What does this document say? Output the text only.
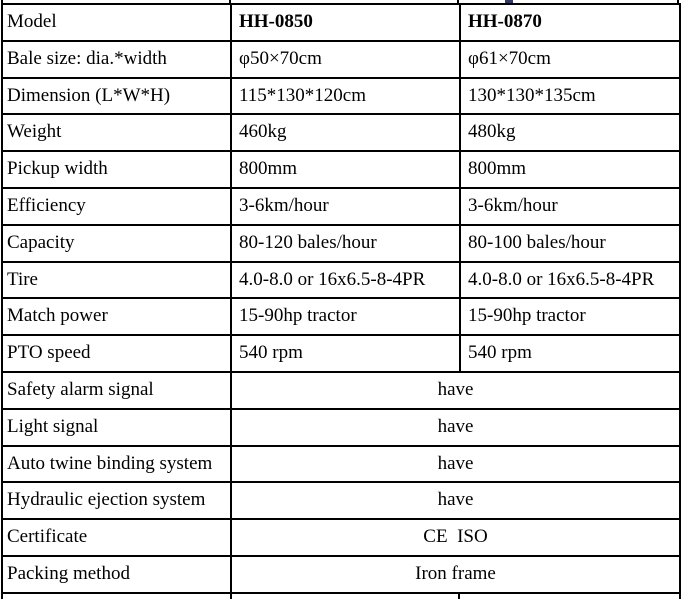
Model	HH-0850	HH-0870
Bale size: dia.*width	φ50×70cm	φ61×70cm
Dimension (L*W*H)	115*130*120cm	130*130*135cm
Weight	460kg	480kg
Pickup width	800mm	800mm
Efficiency	3-6km/hour	3-6km/hour
Capacity	80-120 bales/hour	80-100 bales/hour
Tire	4.0-8.0 or 16x6.5-8-4PR	4.0-8.0 or 16x6.5-8-4PR
Match power	15-90hp tractor	15-90hp tractor
PTO speed	540 rpm	540 rpm
Safety alarm signal	have	
Light signal	have	
Auto twine binding system	have	
Hydraulic ejection system	have	
Certificate	CE  ISO	
Packing method	Iron frame	
